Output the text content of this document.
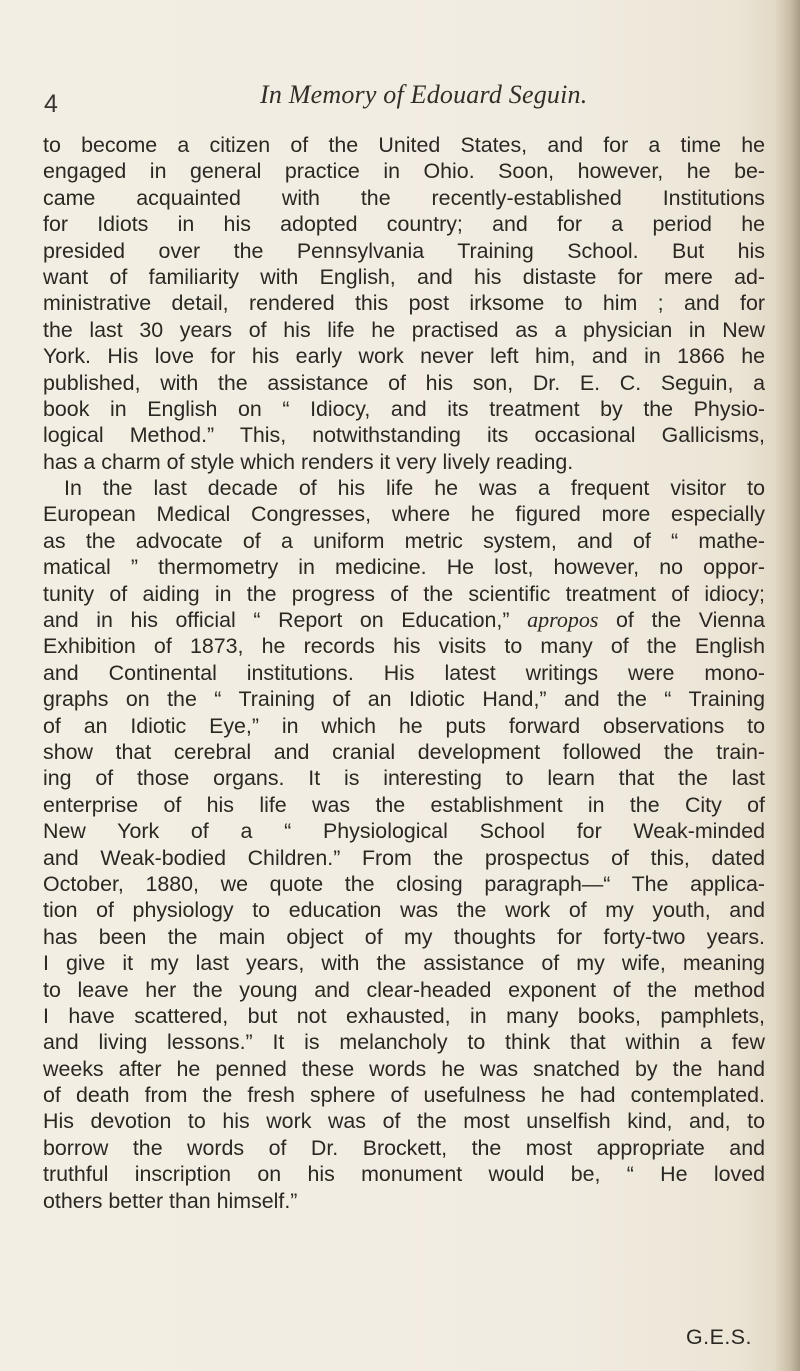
4	In Memory of Edouard Seguin.
to become a citizen of the United States, and for a time he
engaged in general practice in Ohio. Soon, however, he be-
came acquainted with the recently-established Institutions
for Idiots in his adopted country; and for a period he
presided over the Pennsylvania Training School. But his
want of familiarity with English, and his distaste for mere ad-
ministrative detail, rendered this post irksome to him ; and for
the last 30 years of his life he practised as a physician in New
York. His love for his early work never left him, and in 1866 he
published, with the assistance of his son, Dr. E. C. Seguin, a
book in English on “ Idiocy, and its treatment by the Physio-
logical Method.” This, notwithstanding its occasional Gallicisms,
has a charm of style which renders it very lively reading.
In the last decade of his life he was a frequent visitor to
European Medical Congresses, where he figured more especially
as the advocate of a uniform metric system, and of “ mathe-
matical ” thermometry in medicine. He lost, however, no oppor-
tunity of aiding in the progress of the scientific treatment of idiocy;
and in his official “ Report on Education,” apropos of the Vienna
Exhibition of 1873, he records his visits to many of the English
and Continental institutions. His latest writings were mono-
graphs on the “ Training of an Idiotic Hand,” and the “ Training
of an Idiotic Eye,” in which he puts forward observations to
show that cerebral and cranial development followed the train-
ing of those organs. It is interesting to learn that the last
enterprise of his life was the establishment in the City of
New York of a “ Physiological School for Weak-minded
and Weak-bodied Children.” From the prospectus of this, dated
October, 1880, we quote the closing paragraph—“ The applica-
tion of physiology to education was the work of my youth, and
has been the main object of my thoughts for forty-two years.
I give it my last years, with the assistance of my wife, meaning
to leave her the young and clear-headed exponent of the method
I have scattered, but not exhausted, in many books, pamphlets,
and living lessons.” It is melancholy to think that within a few
weeks after he penned these words he was snatched by the hand
of death from the fresh sphere of usefulness he had contemplated.
His devotion to his work was of the most unselfish kind, and, to
borrow the words of Dr. Brockett, the most appropriate and
truthful inscription on his monument would be, “ He loved
others better than himself.”
G.E.S.
